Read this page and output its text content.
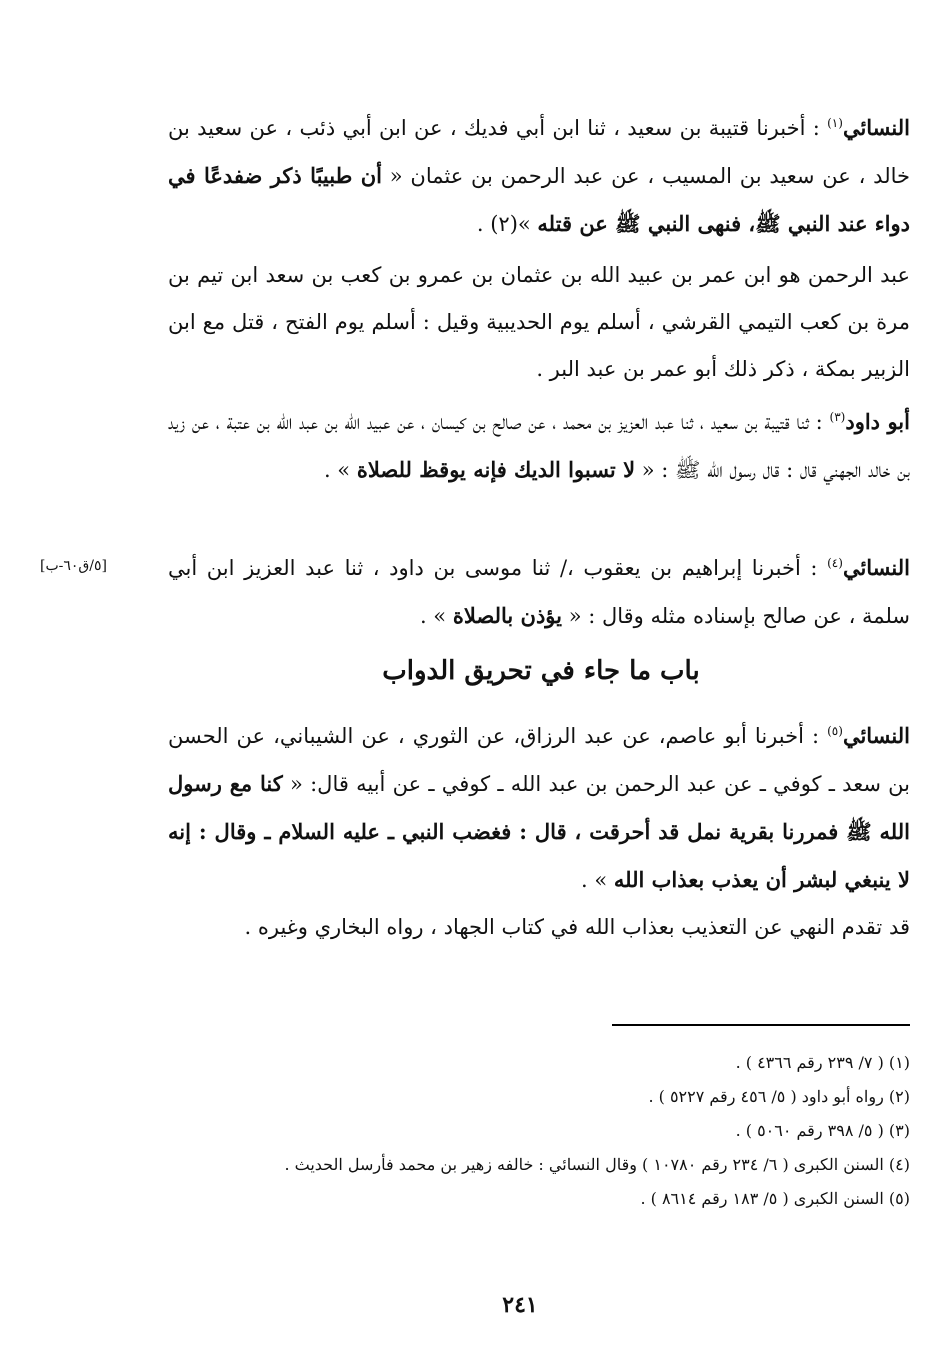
النسائي$^{(١)}$ : أخبرنا قتيبة بن سعيد ، ثنا ابن أبي فديك ، عن ابن أبي ذئب ، عن سعيد بن خالد ، عن سعيد بن المسيب ، عن عبد الرحمن بن عثمان « أن طبيبًا ذكر ضفدعًا في دواء عند النبي ﷺ، فنهى النبي ﷺ عن قتله »(٢) .

عبد الرحمن هو ابن عمر بن عبيد الله بن عثمان بن عمرو بن كعب بن سعد ابن تيم بن مرة بن كعب التيمي القرشي ، أسلم يوم الحديبية وقيل : أسلم يوم الفتح ، قتل مع ابن الزبير بمكة ، ذكر ذلك أبو عمر بن عبد البر .

أبو داود$^{(٣)}$ : ثنا قتيبة بن سعيد ، ثنا عبد العزيز بن محمد ، عن صالح بن كيسان ، عن عبيد الله بن عبد الله بن عتبة ، عن زيد بن خالد الجهني قال : قال رسول الله ﷺ : « لا تسبوا الديك فإنه يوقظ للصلاة » .

النسائي$^{(٤)}$ : أخبرنا إبراهيم بن يعقوب ،/ ثنا موسى بن داود ، ثنا عبد العزيز ابن أبي سلمة ، عن صالح بإسناده مثله وقال : « يؤذن بالصلاة » .

[٥/ق٦٠-ب]
باب ما جاء في تحريق الدواب

النسائي$^{(٥)}$ : أخبرنا أبو عاصم، عن عبد الرزاق، عن الثوري ، عن الشيباني، عن الحسن بن سعد ـ كوفي ـ عن عبد الرحمن بن عبد الله ـ كوفي ـ عن أبيه قال: « كنا مع رسول الله ﷺ فمررنا بقرية نمل قد أحرقت ، قال : فغضب النبي ـ عليه السلام ـ وقال : إنه لا ينبغي لبشر أن يعذب بعذاب الله » .

قد تقدم النهي عن التعذيب بعذاب الله في كتاب الجهاد ، رواه البخاري وغيره .

(١) ( ٧/ ٢٣٩ رقم ٤٣٦٦ ) .

(٢) رواه أبو داود ( ٥/ ٤٥٦ رقم ٥٢٢٧ ) .

(٣) ( ٥/ ٣٩٨ رقم ٥٠٦٠ ) .

(٤) السنن الكبرى ( ٦/ ٢٣٤ رقم ١٠٧٨٠ ) وقال النسائي : خالفه زهير بن محمد فأرسل الحديث .

(٥) السنن الكبرى ( ٥/ ١٨٣ رقم ٨٦١٤ ) .

٢٤١
